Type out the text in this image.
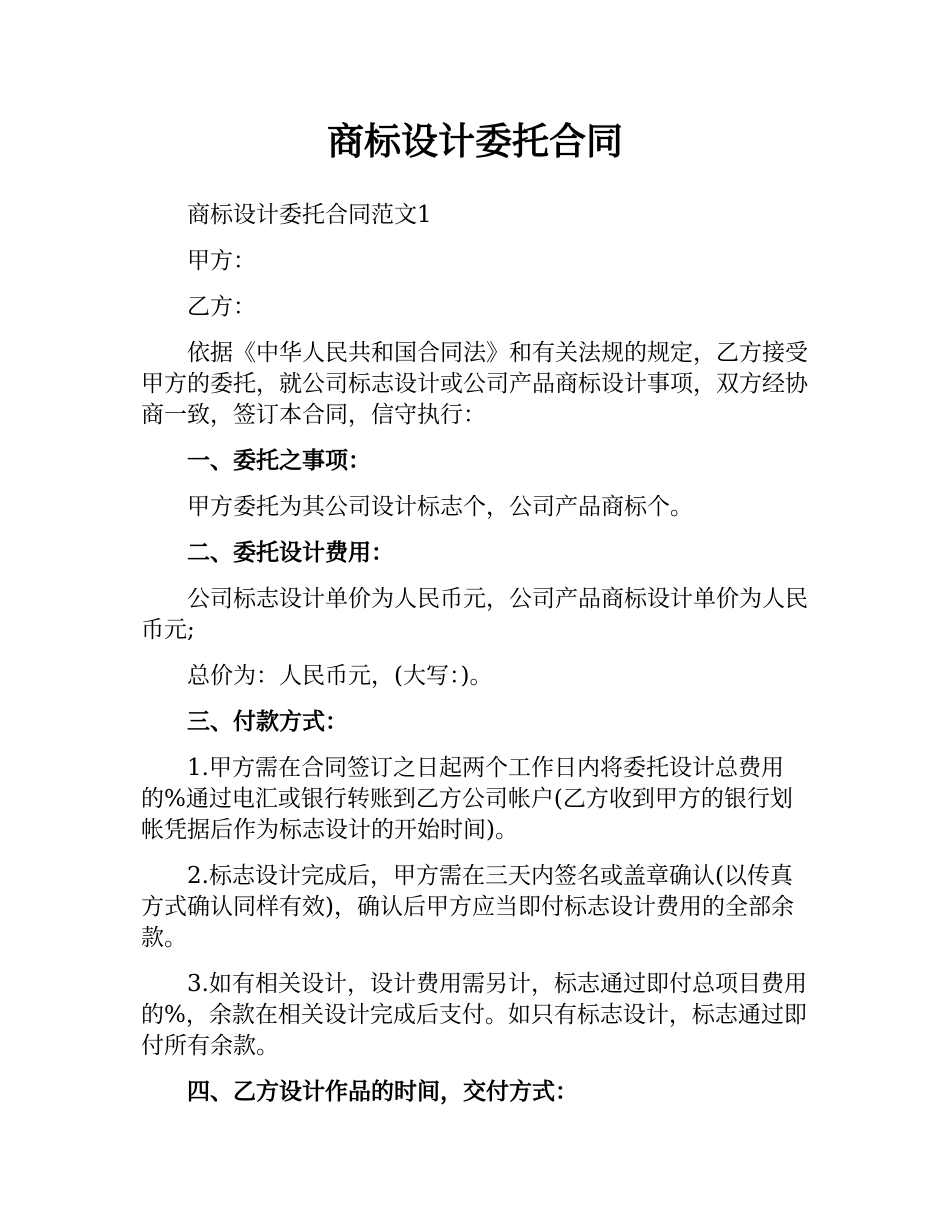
商标设计委托合同

商标设计委托合同范文1

甲方：

乙方：

依据《中华人民共和国合同法》和有关法规的规定，乙方接受甲方的委托，就公司标志设计或公司产品商标设计事项，双方经协商一致，签订本合同，信守执行：

一、委托之事项：

甲方委托为其公司设计标志个，公司产品商标个。

二、委托设计费用：

公司标志设计单价为人民币元，公司产品商标设计单价为人民币元;

总价为：人民币元，(大写：)。

三、付款方式：

1.甲方需在合同签订之日起两个工作日内将委托设计总费用的%通过电汇或银行转账到乙方公司帐户(乙方收到甲方的银行划帐凭据后作为标志设计的开始时间)。

2.标志设计完成后，甲方需在三天内签名或盖章确认(以传真方式确认同样有效)，确认后甲方应当即付标志设计费用的全部余款。

3.如有相关设计，设计费用需另计，标志通过即付总项目费用的%，余款在相关设计完成后支付。如只有标志设计，标志通过即付所有余款。

四、乙方设计作品的时间，交付方式：
